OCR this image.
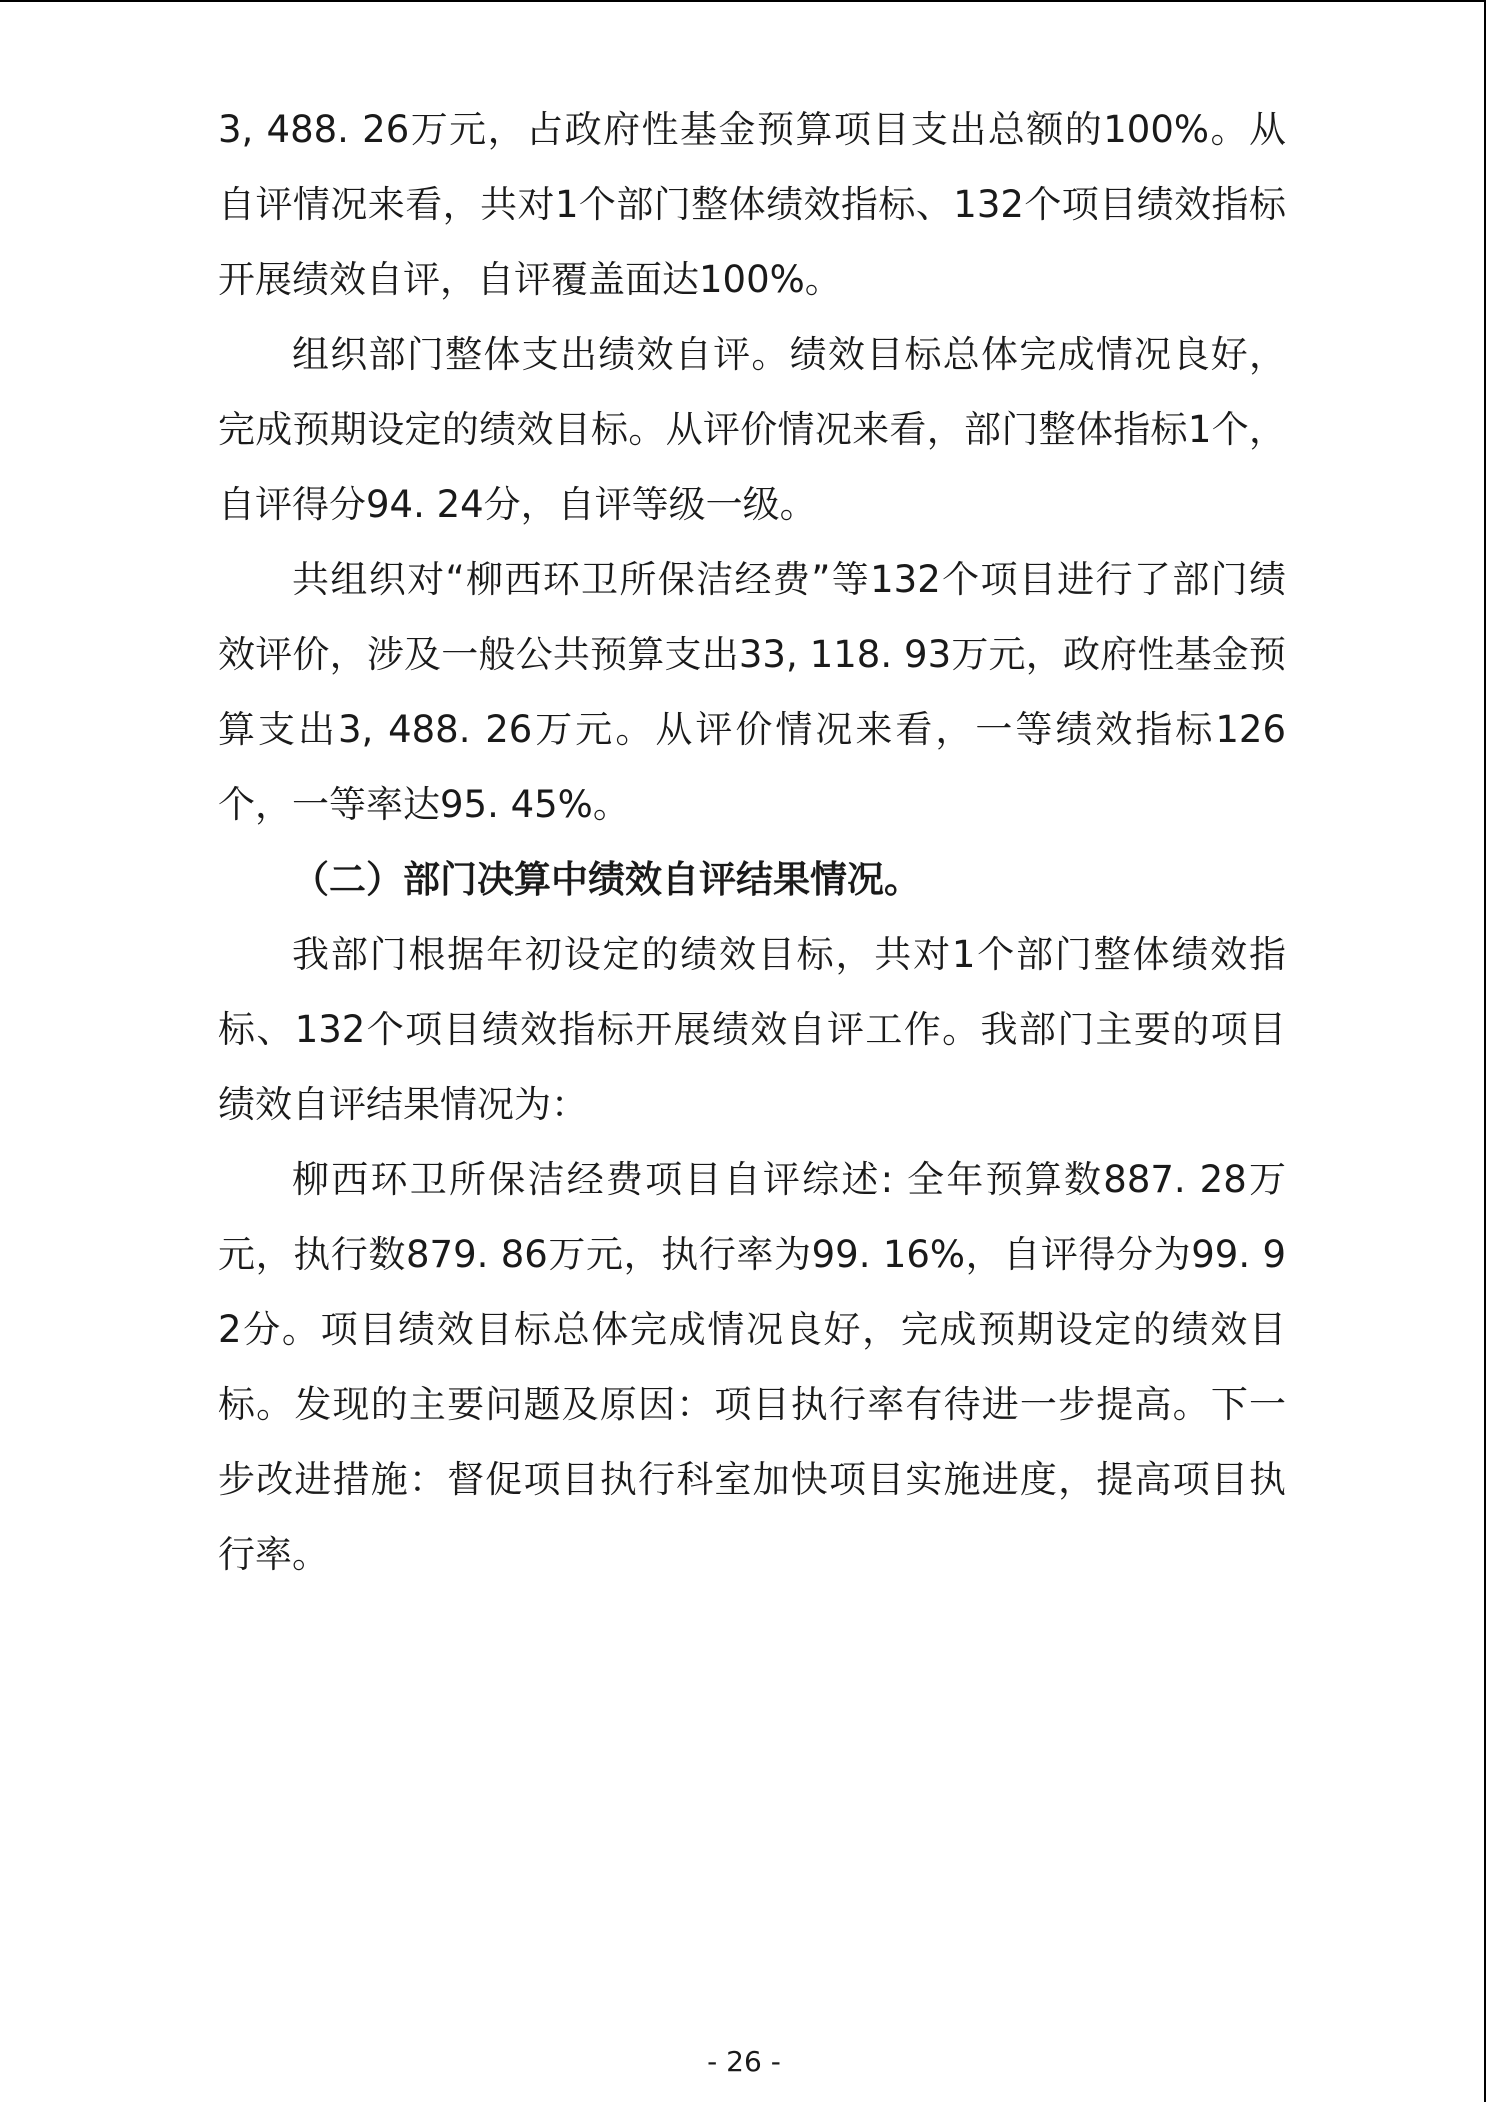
3, 488. 26万元，占政府性基金预算项目支出总额的100%。从自评情况来看，共对1个部门整体绩效指标、132个项目绩效指标开展绩效自评，自评覆盖面达100%。

组织部门整体支出绩效自评。绩效目标总体完成情况良好，完成预期设定的绩效目标。从评价情况来看，部门整体指标1个，自评得分94. 24分，自评等级一级。

共组织对“柳西环卫所保洁经费”等132个项目进行了部门绩效评价，涉及一般公共预算支出33, 118. 93万元，政府性基金预算支出3, 488. 26万元。从评价情况来看，一等绩效指标126个，一等率达95. 45%。

（二）部门决算中绩效自评结果情况。

我部门根据年初设定的绩效目标，共对1个部门整体绩效指标、132个项目绩效指标开展绩效自评工作。我部门主要的项目绩效自评结果情况为：

柳西环卫所保洁经费项目自评综述: 全年预算数887. 28万元，执行数879. 86万元，执行率为99. 16%，自评得分为99. 92分。项目绩效目标总体完成情况良好，完成预期设定的绩效目标。发现的主要问题及原因：项目执行率有待进一步提高。下一步改进措施：督促项目执行科室加快项目实施进度，提高项目执行率。

- 26 -
